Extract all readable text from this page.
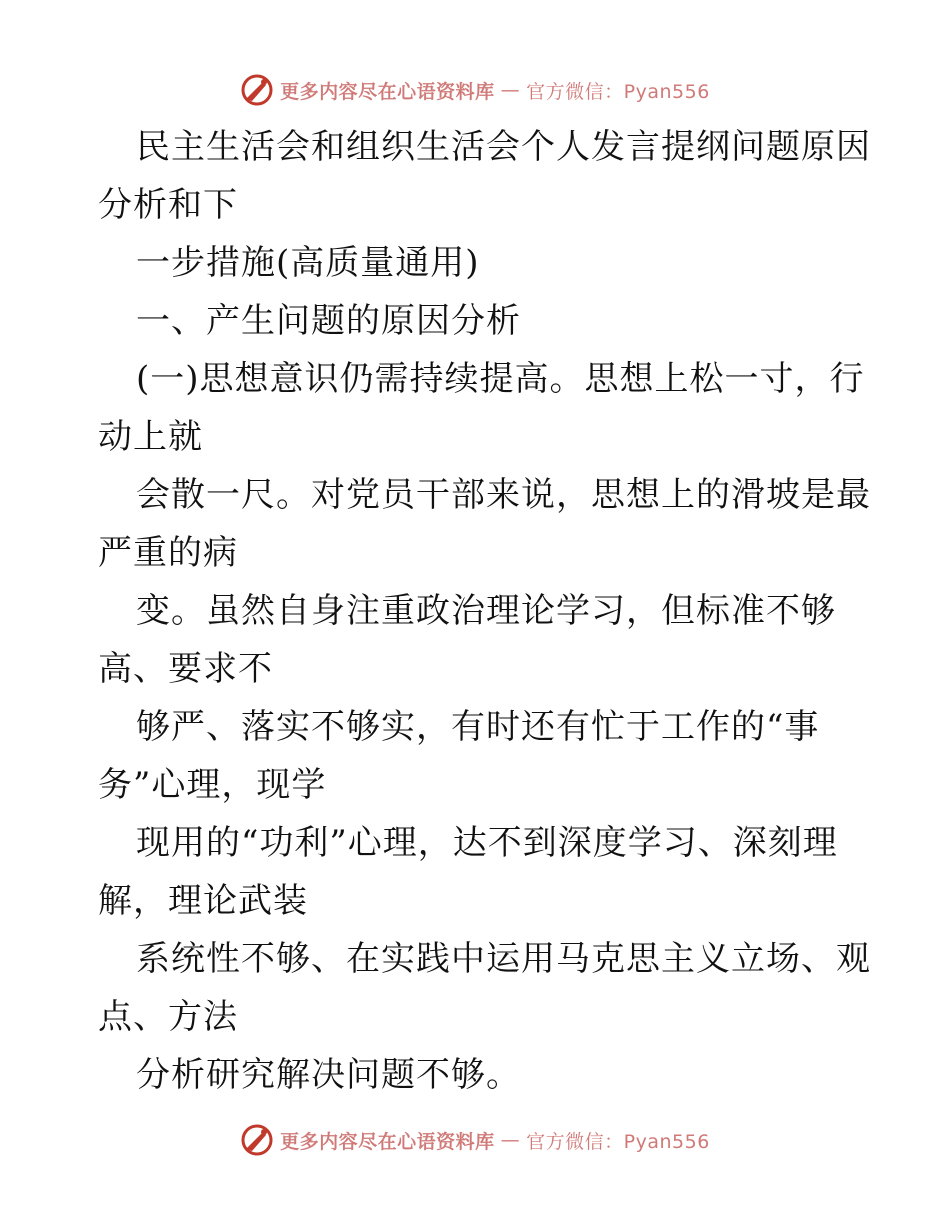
更多内容尽在心语资料库 — 官方微信：Pyan556
民主生活会和组织生活会个人发言提纲问题原因
分析和下
一步措施(高质量通用)
一、产生问题的原因分析
(一)思想意识仍需持续提高。思想上松一寸，行
动上就
会散一尺。对党员干部来说，思想上的滑坡是最
严重的病
变。虽然自身注重政治理论学习，但标准不够
高、要求不
够严、落实不够实，有时还有忙于工作的“事
务”心理，现学
现用的“功利”心理，达不到深度学习、深刻理
解，理论武装
系统性不够、在实践中运用马克思主义立场、观
点、方法
分析研究解决问题不够。
更多内容尽在心语资料库 — 官方微信：Pyan556
